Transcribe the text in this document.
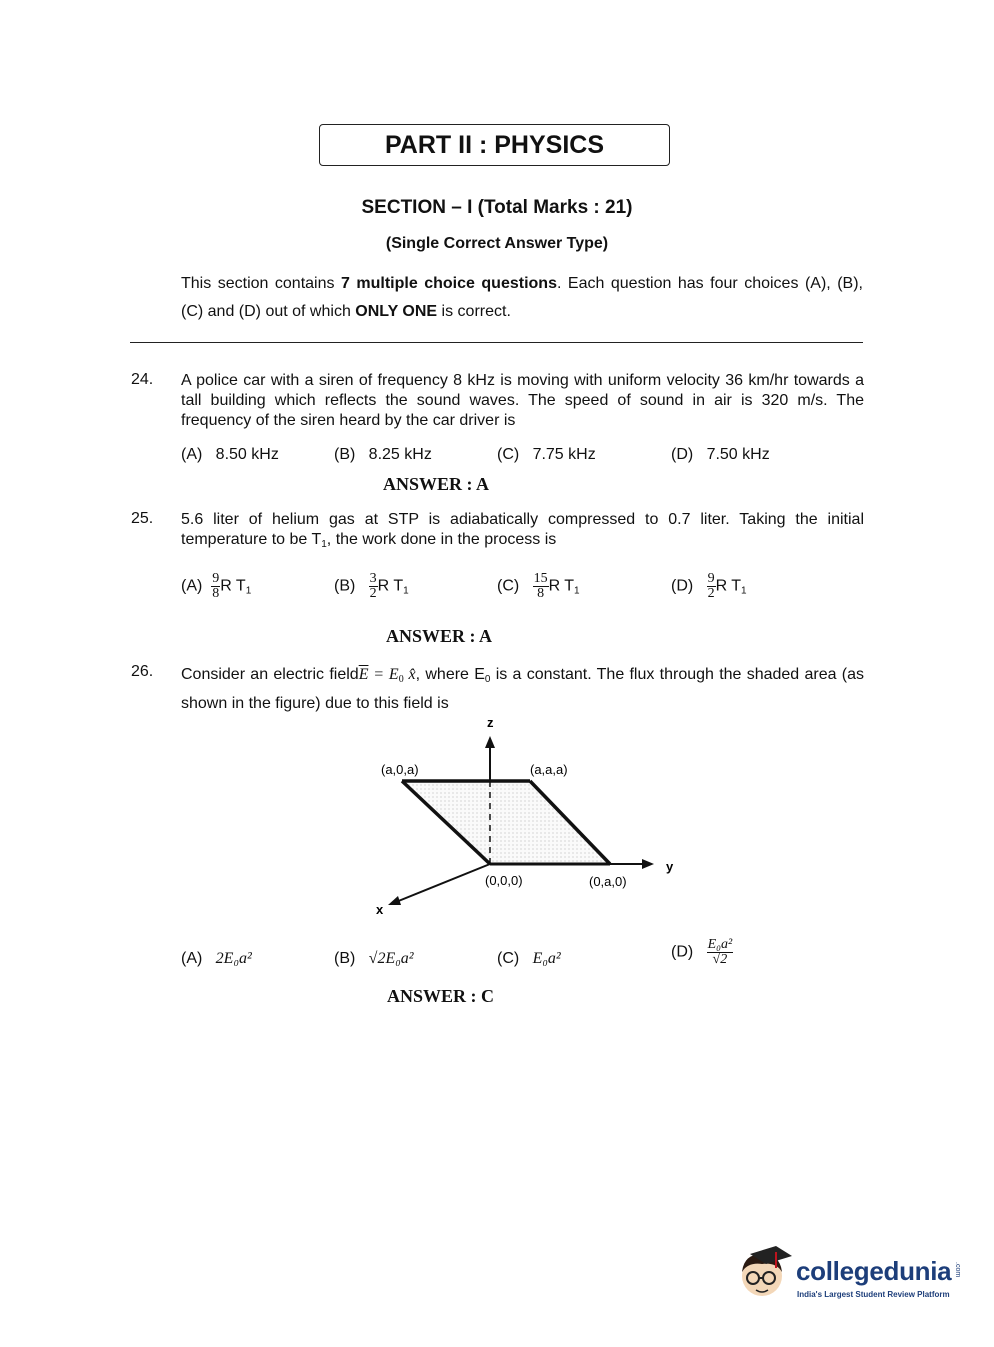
PART II : PHYSICS
SECTION – I (Total Marks : 21)
(Single Correct Answer Type)
This section contains 7 multiple choice questions. Each question has four choices (A), (B), (C) and (D) out of which ONLY ONE is correct.
24. A police car with a siren of frequency 8 kHz is moving with uniform velocity 36 km/hr towards a tall building which reflects the sound waves. The speed of sound in air is 320 m/s. The frequency of the siren heard by the car driver is
(A) 8.50 kHz	(B) 8.25 kHz	(C) 7.75 kHz	(D) 7.50 kHz
ANSWER : A
25. 5.6 liter of helium gas at STP is adiabatically compressed to 0.7 liter. Taking the initial temperature to be $T_1$, the work done in the process is
$(A) \frac{9}{8}$ R $T_1$	$(B) \frac{3}{2}$ R $T_1$	$(C) \frac{15}{8}$ R $T_1$	$(D) \frac{9}{2}$ R $T_1$
ANSWER : A
26. Consider an electric $field\overline{E} = E_0$ x̂, where $E_0$ is a constant. The flux through the shaded area (as shown in the figure) due to this field is
z
y
x
(a,0,a)	(a,a,a)
(0,0,0)	(0,a,0)
(A) 2E₀a²	(B) √2E₀a²	(C) E₀a²	$(D) \frac{\text{E₀a²}}{√2}$
ANSWER : C
collegedunia .com
India's Largest Student Review Platform
